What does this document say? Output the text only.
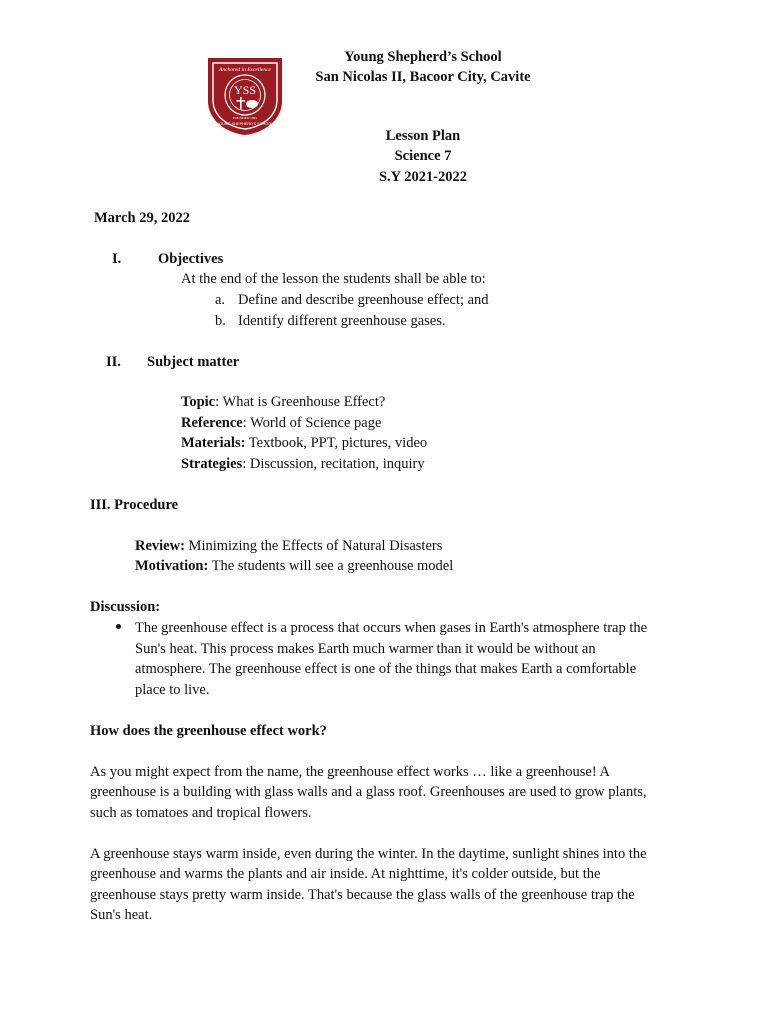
Anchored in Excellence
YSS
FOUNDED 1995
YOUNG SHEPHERD'S SCHOOL
Young Shepherd’s School
San Nicolas II, Bacoor City, Cavite
Lesson Plan
Science 7
S.Y 2021-2022
March 29, 2022
I.	Objectives
At the end of the lesson the students shall be able to:
a. Define and describe greenhouse effect; and
b. Identify different greenhouse gases.
II. Subject matter
Topic: What is Greenhouse Effect?
Reference: World of Science page
Materials: Textbook, PPT, pictures, video
Strategies: Discussion, recitation, inquiry
III. Procedure
Review: Minimizing the Effects of Natural Disasters
Motivation: The students will see a greenhouse model
Discussion:
The greenhouse effect is a process that occurs when gases in Earth's atmosphere trap the
Sun's heat. This process makes Earth much warmer than it would be without an
atmosphere. The greenhouse effect is one of the things that makes Earth a comfortable
place to live.
How does the greenhouse effect work?
As you might expect from the name, the greenhouse effect works … like a greenhouse! A
greenhouse is a building with glass walls and a glass roof. Greenhouses are used to grow plants,
such as tomatoes and tropical flowers.
A greenhouse stays warm inside, even during the winter. In the daytime, sunlight shines into the
greenhouse and warms the plants and air inside. At nighttime, it's colder outside, but the
greenhouse stays pretty warm inside. That's because the glass walls of the greenhouse trap the
Sun's heat.
